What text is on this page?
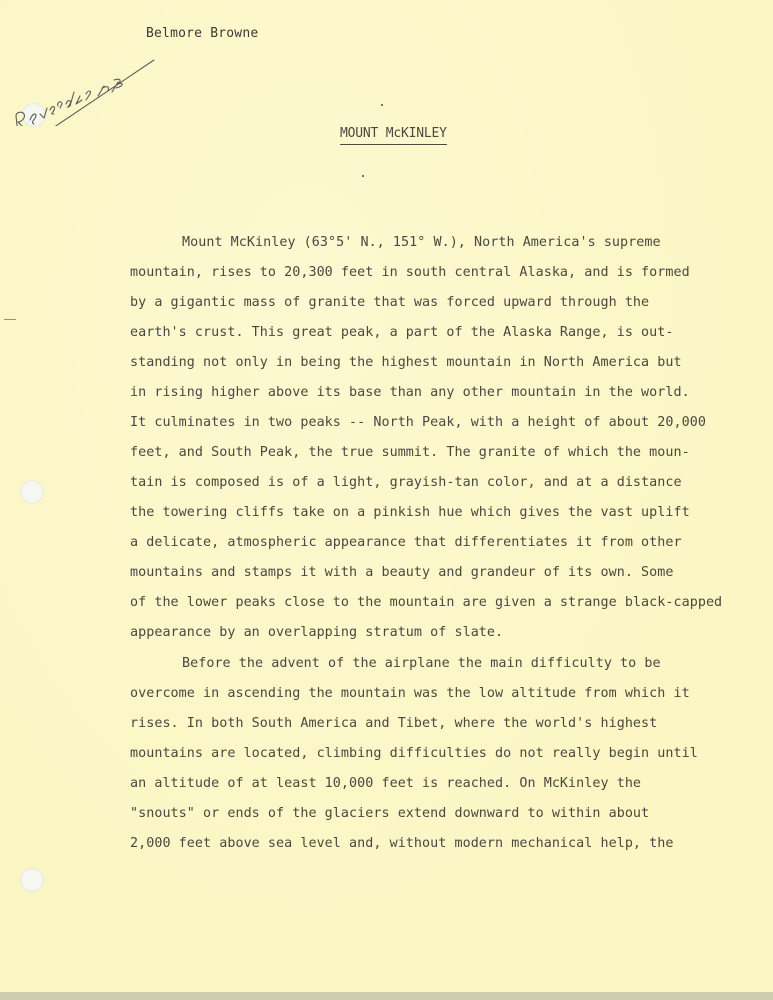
Revised by H.B
Belmore Browne
MOUNT McKINLEY
Mount McKinley (63°5' N., 151° W.), North America's supreme
mountain, rises to 20,300 feet in south central Alaska, and is formed
by a gigantic mass of granite that was forced upward through the
earth's crust. This great peak, a part of the Alaska Range, is out-
standing not only in being the highest mountain in North America but
in rising higher above its base than any other mountain in the world.
It culminates in two peaks -- North Peak, with a height of about 20,000
feet, and South Peak, the true summit. The granite of which the moun-
tain is composed is of a light, grayish-tan color, and at a distance
the towering cliffs take on a pinkish hue which gives the vast uplift
a delicate, atmospheric appearance that differentiates it from other
mountains and stamps it with a beauty and grandeur of its own. Some
of the lower peaks close to the mountain are given a strange black-capped
appearance by an overlapping stratum of slate.
Before the advent of the airplane the main difficulty to be
overcome in ascending the mountain was the low altitude from which it
rises. In both South America and Tibet, where the world's highest
mountains are located, climbing difficulties do not really begin until
an altitude of at least 10,000 feet is reached. On McKinley the
"snouts" or ends of the glaciers extend downward to within about
2,000 feet above sea level and, without modern mechanical help, the
